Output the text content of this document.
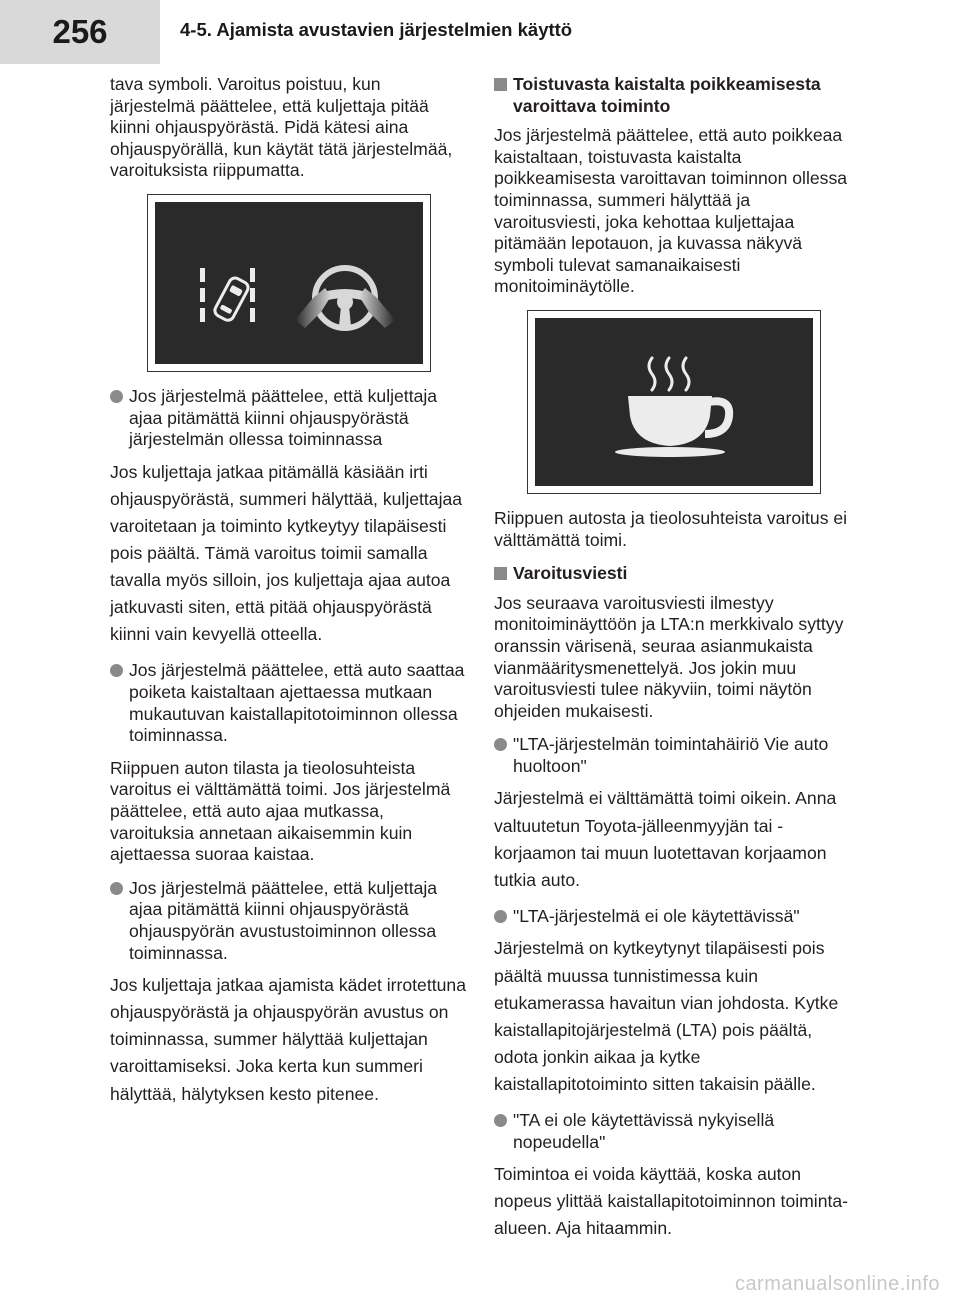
256	4-5. Ajamista avustavien järjestelmien käyttö

tava symboli. Varoitus poistuu, kun järjestelmä päättelee, että kuljettaja pitää kiinni ohjauspyörästä. Pidä kätesi aina ohjauspyörällä, kun käytät tätä järjestelmää, varoituksista riippumatta.

Jos järjestelmä päättelee, että kuljettaja ajaa pitämättä kiinni ohjauspyörästä järjestelmän ollessa toiminnassa

Jos kuljettaja jatkaa pitämällä käsiään irti ohjauspyörästä, summeri hälyttää, kuljettajaa varoitetaan ja toiminto kytkeytyy tilapäisesti pois päältä. Tämä varoitus toimii samalla tavalla myös silloin, jos kuljettaja ajaa autoa jatkuvasti siten, että pitää ohjauspyörästä kiinni vain kevyellä otteella.

Jos järjestelmä päättelee, että auto saattaa poiketa kaistaltaan ajettaessa mutkaan mukautuvan kaistallapitotoiminnon ollessa toiminnassa.

Riippuen auton tilasta ja tieolosuhteista varoitus ei välttämättä toimi. Jos järjestelmä päättelee, että auto ajaa mutkassa, varoituksia annetaan aikaisemmin kuin ajettaessa suoraa kaistaa.

Jos järjestelmä päättelee, että kuljettaja ajaa pitämättä kiinni ohjauspyörästä ohjauspyörän avustustoiminnon ollessa toiminnassa.

Jos kuljettaja jatkaa ajamista kädet irrotettuna ohjauspyörästä ja ohjauspyörän avustus on toiminnassa, summer hälyttää kuljettajan varoittamiseksi. Joka kerta kun summeri hälyttää, hälytyksen kesto pitenee.

Toistuvasta kaistalta poikkeamisesta varoittava toiminto

Jos järjestelmä päättelee, että auto poikkeaa kaistaltaan, toistuvasta kaistalta poikkeamisesta varoittavan toiminnon ollessa toiminnassa, summeri hälyttää ja varoitusviesti, joka kehottaa kuljettajaa pitämään lepotauon, ja kuvassa näkyvä symboli tulevat samanaikaisesti monitoiminäytölle.

Riippuen autosta ja tieolosuhteista varoitus ei välttämättä toimi.

Varoitusviesti

Jos seuraava varoitusviesti ilmestyy monitoiminäyttöön ja LTA:n merkkivalo syttyy oranssin värisenä, seuraa asianmukaista vianmääritysmenettelyä. Jos jokin muu varoitusviesti tulee näkyviin, toimi näytön ohjeiden mukaisesti.

"LTA-järjestelmän toimintahäiriö Vie auto huoltoon"

Järjestelmä ei välttämättä toimi oikein. Anna valtuutetun Toyota-jälleenmyyjän tai -korjaamon tai muun luotettavan korjaamon tutkia auto.

"LTA-järjestelmä ei ole käytettävissä"

Järjestelmä on kytkeytynyt tilapäisesti pois päältä muussa tunnistimessa kuin etukamerassa havaitun vian johdosta. Kytke kaistallapitojärjestelmä (LTA) pois päältä, odota jonkin aikaa ja kytke kaistallapitotoiminto sitten takaisin päälle.

"TA ei ole käytettävissä nykyisellä nopeudella"

Toimintoa ei voida käyttää, koska auton nopeus ylittää kaistallapitotoiminnon toiminta-alueen. Aja hitaammin.

carmanualsonline.info
